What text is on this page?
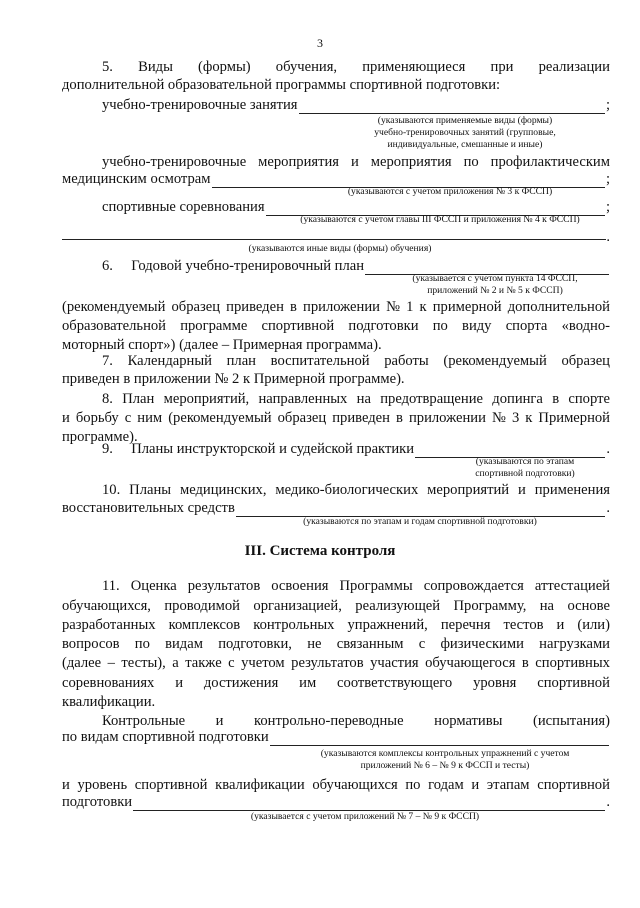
3
5. Виды (формы) обучения, применяющиеся при реализации
дополнительной образовательной программы спортивной подготовки:
учебно-тренировочные занятия	;
(указываются применяемые виды (формы)
учебно-тренировочных занятий (групповые,
индивидуальные, смешанные и иные)
учебно-тренировочные мероприятия и мероприятия по профилактическим
медицинским осмотрам	;
(указываются с учетом приложения № 3 к ФССП)
спортивные соревнования	;
(указываются с учетом главы III ФССП и приложения № 4 к ФССП)
.
(указываются иные виды (формы) обучения)
6.     Годовой учебно-тренировочный план
(указывается с учетом пункта 14 ФССП,
приложений № 2 и № 5 к ФССП)
(рекомендуемый образец приведен в приложении № 1 к примерной дополнительной
образовательной программе спортивной подготовки по виду спорта «водно-
моторный спорт») (далее – Примерная программа).
7. Календарный план воспитательной работы (рекомендуемый образец
приведен в приложении № 2 к Примерной программе).
8. План мероприятий, направленных на предотвращение допинга в спорте
и борьбу с ним (рекомендуемый образец приведен в приложении № 3 к Примерной
программе).
9.     Планы инструкторской и судейской практики	.
(указываются по этапам
спортивной подготовки)
10. Планы медицинских, медико-биологических мероприятий и применения
восстановительных средств	.
(указываются по этапам и годам спортивной подготовки)
III. Система контроля
11. Оценка результатов освоения Программы сопровождается аттестацией
обучающихся, проводимой организацией, реализующей Программу, на основе
разработанных комплексов контрольных упражнений, перечня тестов и (или)
вопросов по видам подготовки, не связанным с физическими нагрузками
(далее – тесты), а также с учетом результатов участия обучающегося в спортивных
соревнованиях и достижения им соответствующего уровня спортивной
квалификации.
Контрольные и контрольно-переводные нормативы (испытания)
по видам спортивной подготовки
(указываются комплексы контрольных упражнений с учетом
приложений № 6 – № 9 к ФССП и тесты)
и уровень спортивной квалификации обучающихся по годам и этапам спортивной
подготовки	.
(указывается с учетом приложений № 7 – № 9 к ФССП)
